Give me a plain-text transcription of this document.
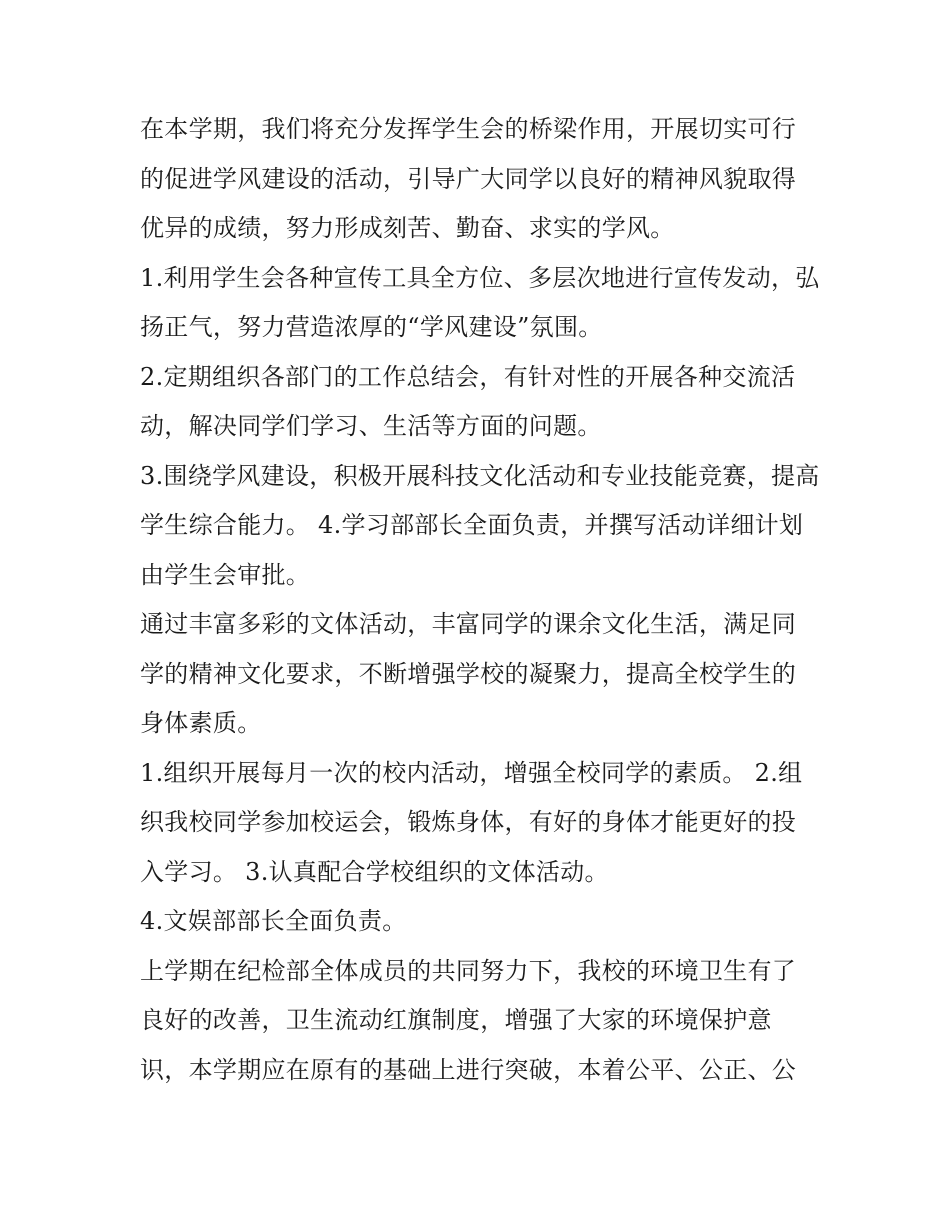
在本学期，我们将充分发挥学生会的桥梁作用，开展切实可行的促进学风建设的活动，引导广大同学以良好的精神风貌取得优异的成绩，努力形成刻苦、勤奋、求实的学风。

1.利用学生会各种宣传工具全方位、多层次地进行宣传发动，弘扬正气，努力营造浓厚的“学风建设”氛围。

2.定期组织各部门的工作总结会，有针对性的开展各种交流活动，解决同学们学习、生活等方面的问题。

3.围绕学风建设，积极开展科技文化活动和专业技能竞赛，提高学生综合能力。 4.学习部部长全面负责，并撰写活动详细计划由学生会审批。

通过丰富多彩的文体活动，丰富同学的课余文化生活，满足同学的精神文化要求，不断增强学校的凝聚力，提高全校学生的身体素质。

1.组织开展每月一次的校内活动，增强全校同学的素质。 2.组织我校同学参加校运会，锻炼身体，有好的身体才能更好的投入学习。 3.认真配合学校组织的文体活动。

4.文娱部部长全面负责。

上学期在纪检部全体成员的共同努力下，我校的环境卫生有了良好的改善，卫生流动红旗制度，增强了大家的环境保护意识，本学期应在原有的基础上进行突破，本着公平、公正、公
